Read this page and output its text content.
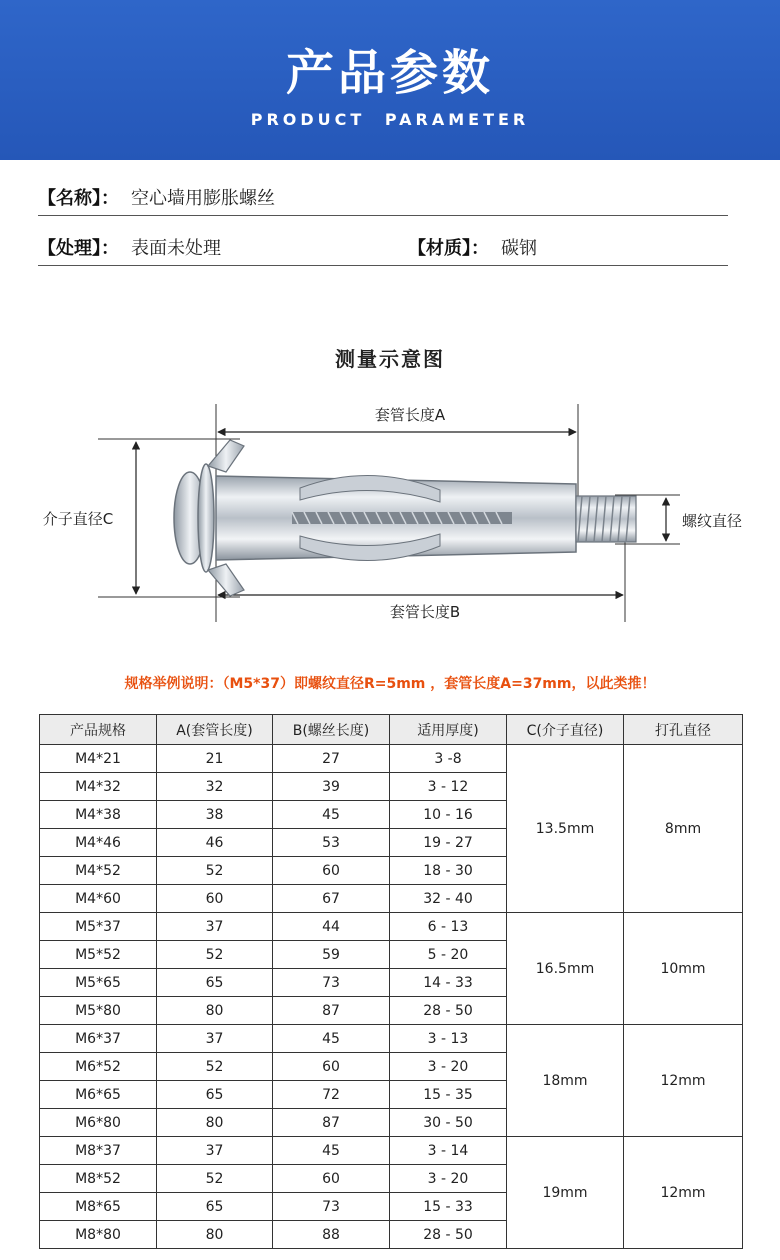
产品参数
PRODUCT PARAMETER
【名称】： 空心墙用膨胀螺丝
【处理】： 表面未处理	【材质】： 碳钢
测量示意图
套管长度A
套管长度B
介子直径C	螺纹直径
规格举例说明：（M5*37）即螺纹直径R=5mm ，套管长度A=37mm，以此类推！
产品规格	A(套管长度)	B(螺丝长度)	适用厚度)	C(介子直径)	打孔直径
M4*21	21	27	3 -8	13.5mm	8mm
M4*32	32	39	3 - 12		
M4*38	38	45	10 - 16		
M4*46	46	53	19 - 27		
M4*52	52	60	18 - 30		
M4*60	60	67	32 - 40		
M5*37	37	44	6 - 13	16.5mm	10mm
M5*52	52	59	5 - 20		
M5*65	65	73	14 - 33		
M5*80	80	87	28 - 50		
M6*37	37	45	3 - 13	18mm	12mm
M6*52	52	60	3 - 20		
M6*65	65	72	15 - 35		
M6*80	80	87	30 - 50		
M8*37	37	45	3 - 14	19mm	12mm
M8*52	52	60	3 - 20		
M8*65	65	73	15 - 33		
M8*80	80	88	28 - 50		
